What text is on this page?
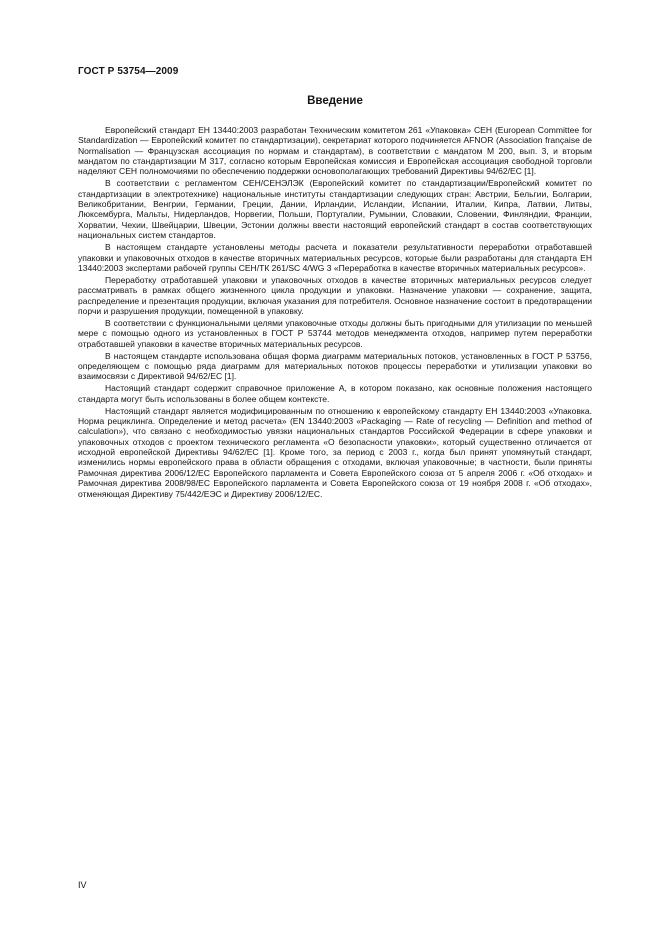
ГОСТ Р 53754—2009
Введение

Европейский стандарт ЕН 13440:2003 разработан Техническим комитетом 261 «Упаковка» СЕН (European Committee for Standardization — Европейский комитет по стандартизации), секретариат которого подчиняется AFNOR (Association française de Normalisation — Французская ассоциация по нормам и стандартам), в соответствии с мандатом М 200, вып. 3, и вторым мандатом по стандартизации М 317, согласно которым Европейская комиссия и Европейская ассоциация свободной торговли наделяют СЕН полномочиями по обеспечению поддержки основополагающих требований Директивы 94/62/ЕС [1].

В соответствии с регламентом СЕН/СЕНЭЛЭК (Европейский комитет по стандартизации/Европейский комитет по стандартизации в электротехнике) национальные институты стандартизации следующих стран: Австрии, Бельгии, Болгарии, Великобритании, Венгрии, Германии, Греции, Дании, Ирландии, Исландии, Испании, Италии, Кипра, Латвии, Литвы, Люксембурга, Мальты, Нидерландов, Норвегии, Польши, Португалии, Румынии, Словакии, Словении, Финляндии, Франции, Хорватии, Чехии, Швейцарии, Швеции, Эстонии должны ввести настоящий европейский стандарт в состав соответствующих национальных систем стандартов.

В настоящем стандарте установлены методы расчета и показатели результативности переработки отработавшей упаковки и упаковочных отходов в качестве вторичных материальных ресурсов, которые были разработаны для стандарта ЕН 13440:2003 экспертами рабочей группы СЕН/ТК 261/SC 4/WG 3 «Переработка в качестве вторичных материальных ресурсов».

Переработку отработавшей упаковки и упаковочных отходов в качестве вторичных материальных ресурсов следует рассматривать в рамках общего жизненного цикла продукции и упаковки. Назначение упаковки — сохранение, защита, распределение и презентация продукции, включая указания для потребителя. Основное назначение состоит в предотвращении порчи и разрушения продукции, помещенной в упаковку.

В соответствии с функциональными целями упаковочные отходы должны быть пригодными для утилизации по меньшей мере с помощью одного из установленных в ГОСТ Р 53744 методов менеджмента отходов, например путем переработки отработавшей упаковки в качестве вторичных материальных ресурсов.

В настоящем стандарте использована общая форма диаграмм материальных потоков, установленных в ГОСТ Р 53756, определяющем с помощью ряда диаграмм для материальных потоков процессы переработки и утилизации упаковки во взаимосвязи с Директивой 94/62/ЕС [1].

Настоящий стандарт содержит справочное приложение А, в котором показано, как основные положения настоящего стандарта могут быть использованы в более общем контексте.

Настоящий стандарт является модифицированным по отношению к европейскому стандарту ЕН 13440:2003 «Упаковка. Норма рециклинга. Определение и метод расчета» (EN 13440:2003 «Packaging — Rate of recycling — Definition and method of calculation»), что связано с необходимостью увязки национальных стандартов Российской Федерации в сфере упаковки и упаковочных отходов с проектом технического регламента «О безопасности упаковки», который существенно отличается от исходной европейской Директивы 94/62/ЕС [1]. Кроме того, за период с 2003 г., когда был принят упомянутый стандарт, изменились нормы европейского права в области обращения с отходами, включая упаковочные; в частности, были приняты Рамочная директива 2006/12/ЕС Европейского парламента и Совета Европейского союза от 5 апреля 2006 г. «Об отходах» и Рамочная директива 2008/98/ЕС Европейского парламента и Совета Европейского союза от 19 ноября 2008 г. «Об отходах», отменяющая Директиву 75/442/ЕЭС и Директиву 2006/12/ЕС.

IV
